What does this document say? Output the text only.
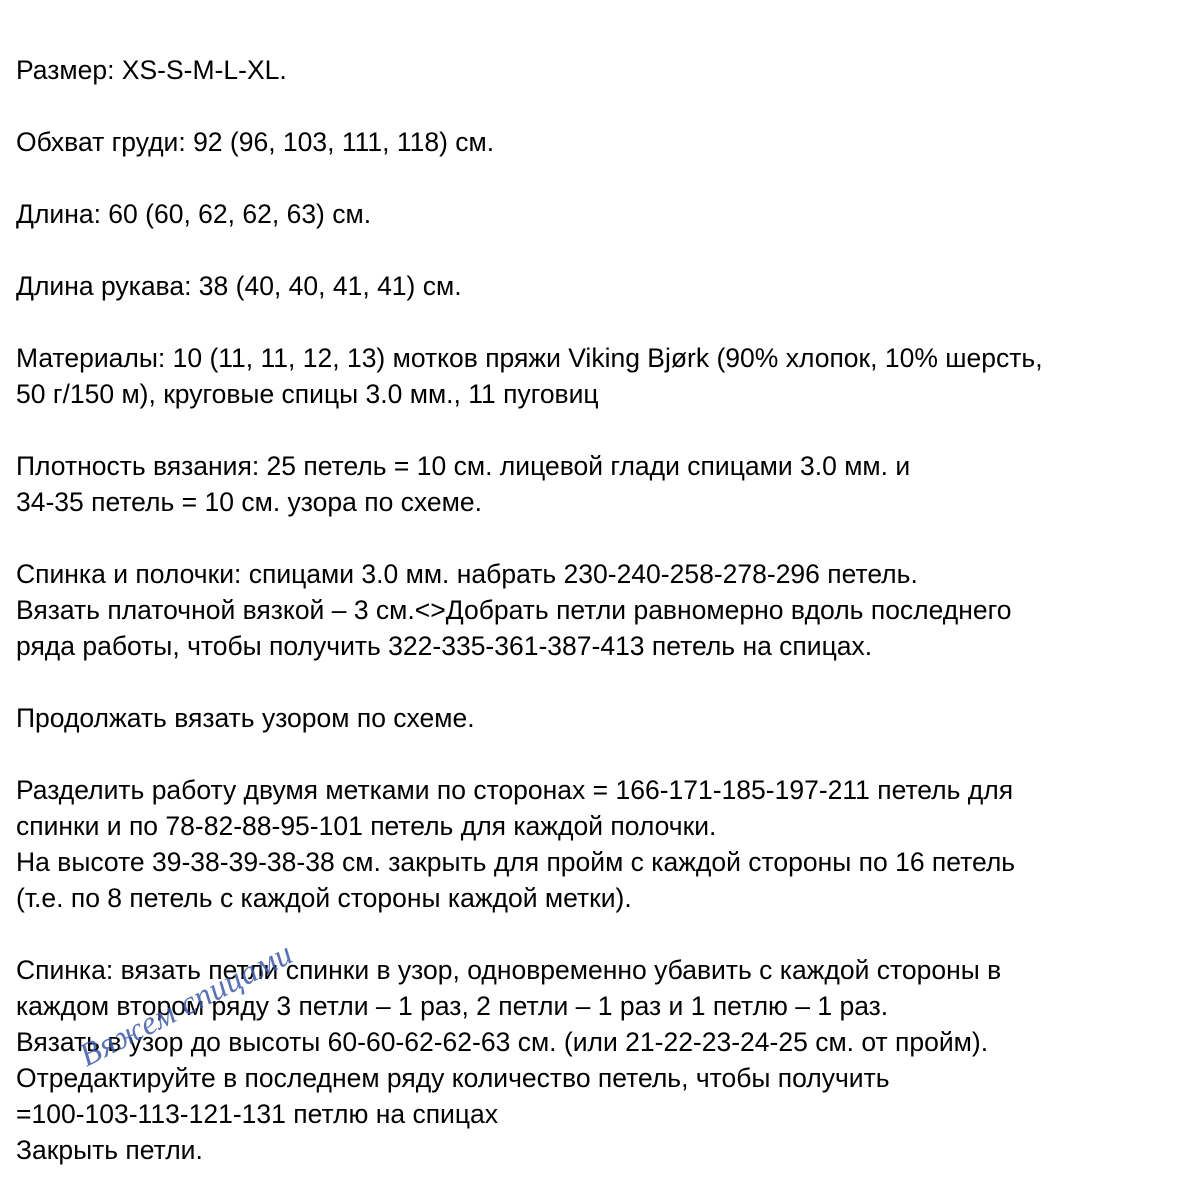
Размер: XS-S-M-L-XL.
Обхват груди: 92 (96, 103, 111, 118) см.
Длина: 60 (60, 62, 62, 63) см.
Длина рукава: 38 (40, 40, 41, 41) см.
Материалы: 10 (11, 11, 12, 13) мотков пряжи Viking Bjørk (90% хлопок, 10% шерсть,
50 г/150 м), круговые спицы 3.0 мм., 11 пуговиц
Плотность вязания: 25 петель = 10 см. лицевой глади спицами 3.0 мм. и
34-35 петель = 10 см. узора по схеме.
Спинка и полочки: спицами 3.0 мм. набрать 230-240-258-278-296 петель.
Вязать платочной вязкой – 3 см.<>Добрать петли равномерно вдоль последнего
ряда работы, чтобы получить 322-335-361-387-413 петель на спицах.
Продолжать вязать узором по схеме.
Разделить работу двумя метками по сторонах = 166-171-185-197-211 петель для
спинки и по 78-82-88-95-101 петель для каждой полочки.
На высоте 39-38-39-38-38 см. закрыть для пройм с каждой стороны по 16 петель
(т.е. по 8 петель с каждой стороны каждой метки).
Спинка: вязать петли спинки в узор, одновременно убавить с каждой стороны в
каждом втором ряду 3 петли – 1 раз, 2 петли – 1 раз и 1 петлю – 1 раз.
Вязать в узор до высоты 60-60-62-62-63 см. (или 21-22-23-24-25 см. от пройм).
Отредактируйте в последнем ряду количество петель, чтобы получить
=100-103-113-121-131 петлю на спицах
Закрыть петли.
Вяжем спицами
